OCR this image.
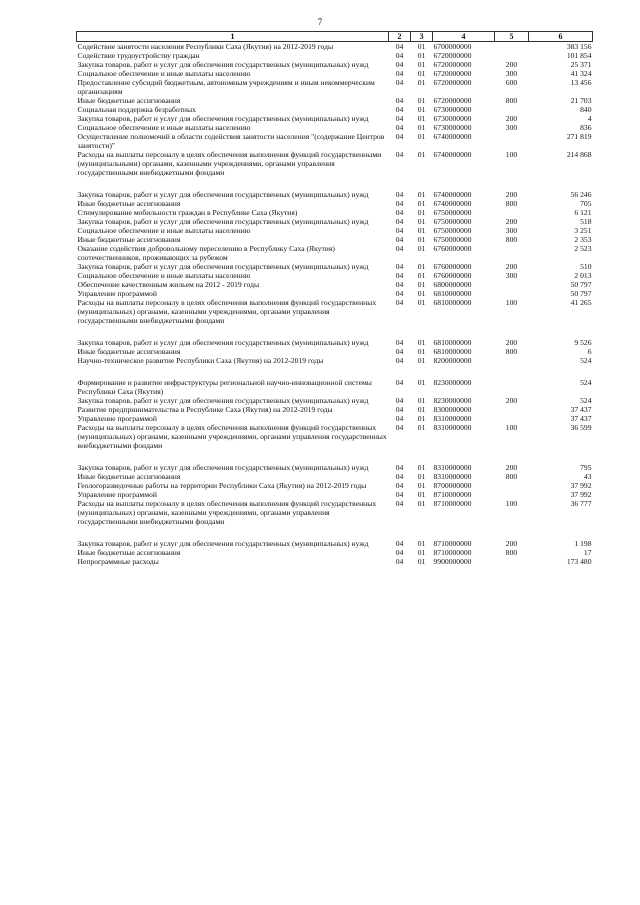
7
1	2	3	4	5	6
Содействие занятости населения Республики Саха (Якутия) на 2012-2019 годы	04	01	6700000000		383 156
Содействие трудоустройству граждан	04	01	6720000000		101 854
Закупка товаров, работ и услуг для обеспечения государственных (муниципальных) нужд	04	01	6720000000	200	25 371
Социальное обеспечение и иные выплаты населению	04	01	6720000000	300	41 324
Предоставление субсидий бюджетным, автономным учреждениям и иным некоммерческим организациям	04	01	6720000000	600	13 456
Иные бюджетные ассигнования	04	01	6720000000	800	21 703
Социальная поддержка безработных	04	01	6730000000		840
Закупка товаров, работ и услуг для обеспечения государственных (муниципальных) нужд	04	01	6730000000	200	4
Социальное обеспечение и иные выплаты населению	04	01	6730000000	300	836
Осуществление полномочий в области содействия занятости населения "(содержание Центров занятости)"	04	01	6740000000		271 819
Расходы на выплаты персоналу в целях обеспечения выполнения функций государственными (муниципальными) органами, казенными учреждениями, органами управления государственными внебюджетными фондами	04	01	6740000000	100	214 868
Закупка товаров, работ и услуг для обеспечения государственных (муниципальных) нужд	04	01	6740000000	200	56 246
Иные бюджетные ассигнования	04	01	6740000000	800	705
Стимулирование мобильности граждан в Республике Саха (Якутия)	04	01	6750000000		6 121
Закупка товаров, работ и услуг для обеспечения государственных (муниципальных) нужд	04	01	6750000000	200	518
Социальное обеспечение и иные выплаты населению	04	01	6750000000	300	3 251
Иные бюджетные ассигнования	04	01	6750000000	800	2 353
Оказание содействия добровольному переселению в Республику Саха (Якутия) соотечественников, проживающих за рубежом	04	01	6760000000		2 523
Закупка товаров, работ и услуг для обеспечения государственных (муниципальных) нужд	04	01	6760000000	200	510
Социальное обеспечение и иные выплаты населению	04	01	6760000000	300	2 013
Обеспечение качественным жильем на 2012 - 2019 годы	04	01	6800000000		50 797
Управление программой	04	01	6810000000		50 797
Расходы на выплаты персоналу в целях обеспечения выполнения функций государственных (муниципальных) органами, казенными учреждениями, органами управления государственными внебюджетными фондами	04	01	6810000000	100	41 265
Закупка товаров, работ и услуг для обеспечения государственных (муниципальных) нужд	04	01	6810000000	200	9 526
Иные бюджетные ассигнования	04	01	6810000000	800	6
Научно-техническое развитие Республики Саха (Якутия) на 2012-2019 годы	04	01	8200000000		524
Формирование и развитие инфраструктуры региональной научно-инновационной системы Республики Саха (Якутия)	04	01	8230000000		524
Закупка товаров, работ и услуг для обеспечения государственных (муниципальных) нужд	04	01	8230000000	200	524
Развитие предпринимательства в Республике Саха (Якутия) на 2012-2019 годы	04	01	8300000000		37 437
Управление программой	04	01	8310000000		37 437
Расходы на выплаты персоналу в целях обеспечения выполнения функций государственных (муниципальных) органами, казенными учреждениями, органами управления государственных внебюджетными фондами	04	01	8310000000	100	36 599
Закупка товаров, работ и услуг для обеспечения государственных (муниципальных) нужд	04	01	8310000000	200	795
Иные бюджетные ассигнования	04	01	8310000000	800	43
Геологоразведочные работы на территории Республики Саха (Якутия) на 2012-2019 годы	04	01	8700000000		37 992
Управление программой	04	01	8710000000		37 992
Расходы на выплаты персоналу в целях обеспечения выполнения функций государственных (муниципальных) органами, казенными учреждениями, органами управления государственными внебюджетными фондами	04	01	8710000000	100	36 777
Закупка товаров, работ и услуг для обеспечения государственных (муниципальных) нужд	04	01	8710000000	200	1 198
Иные бюджетные ассигнования	04	01	8710000000	800	17
Непрограммные расходы	04	01	9900000000		173 480
